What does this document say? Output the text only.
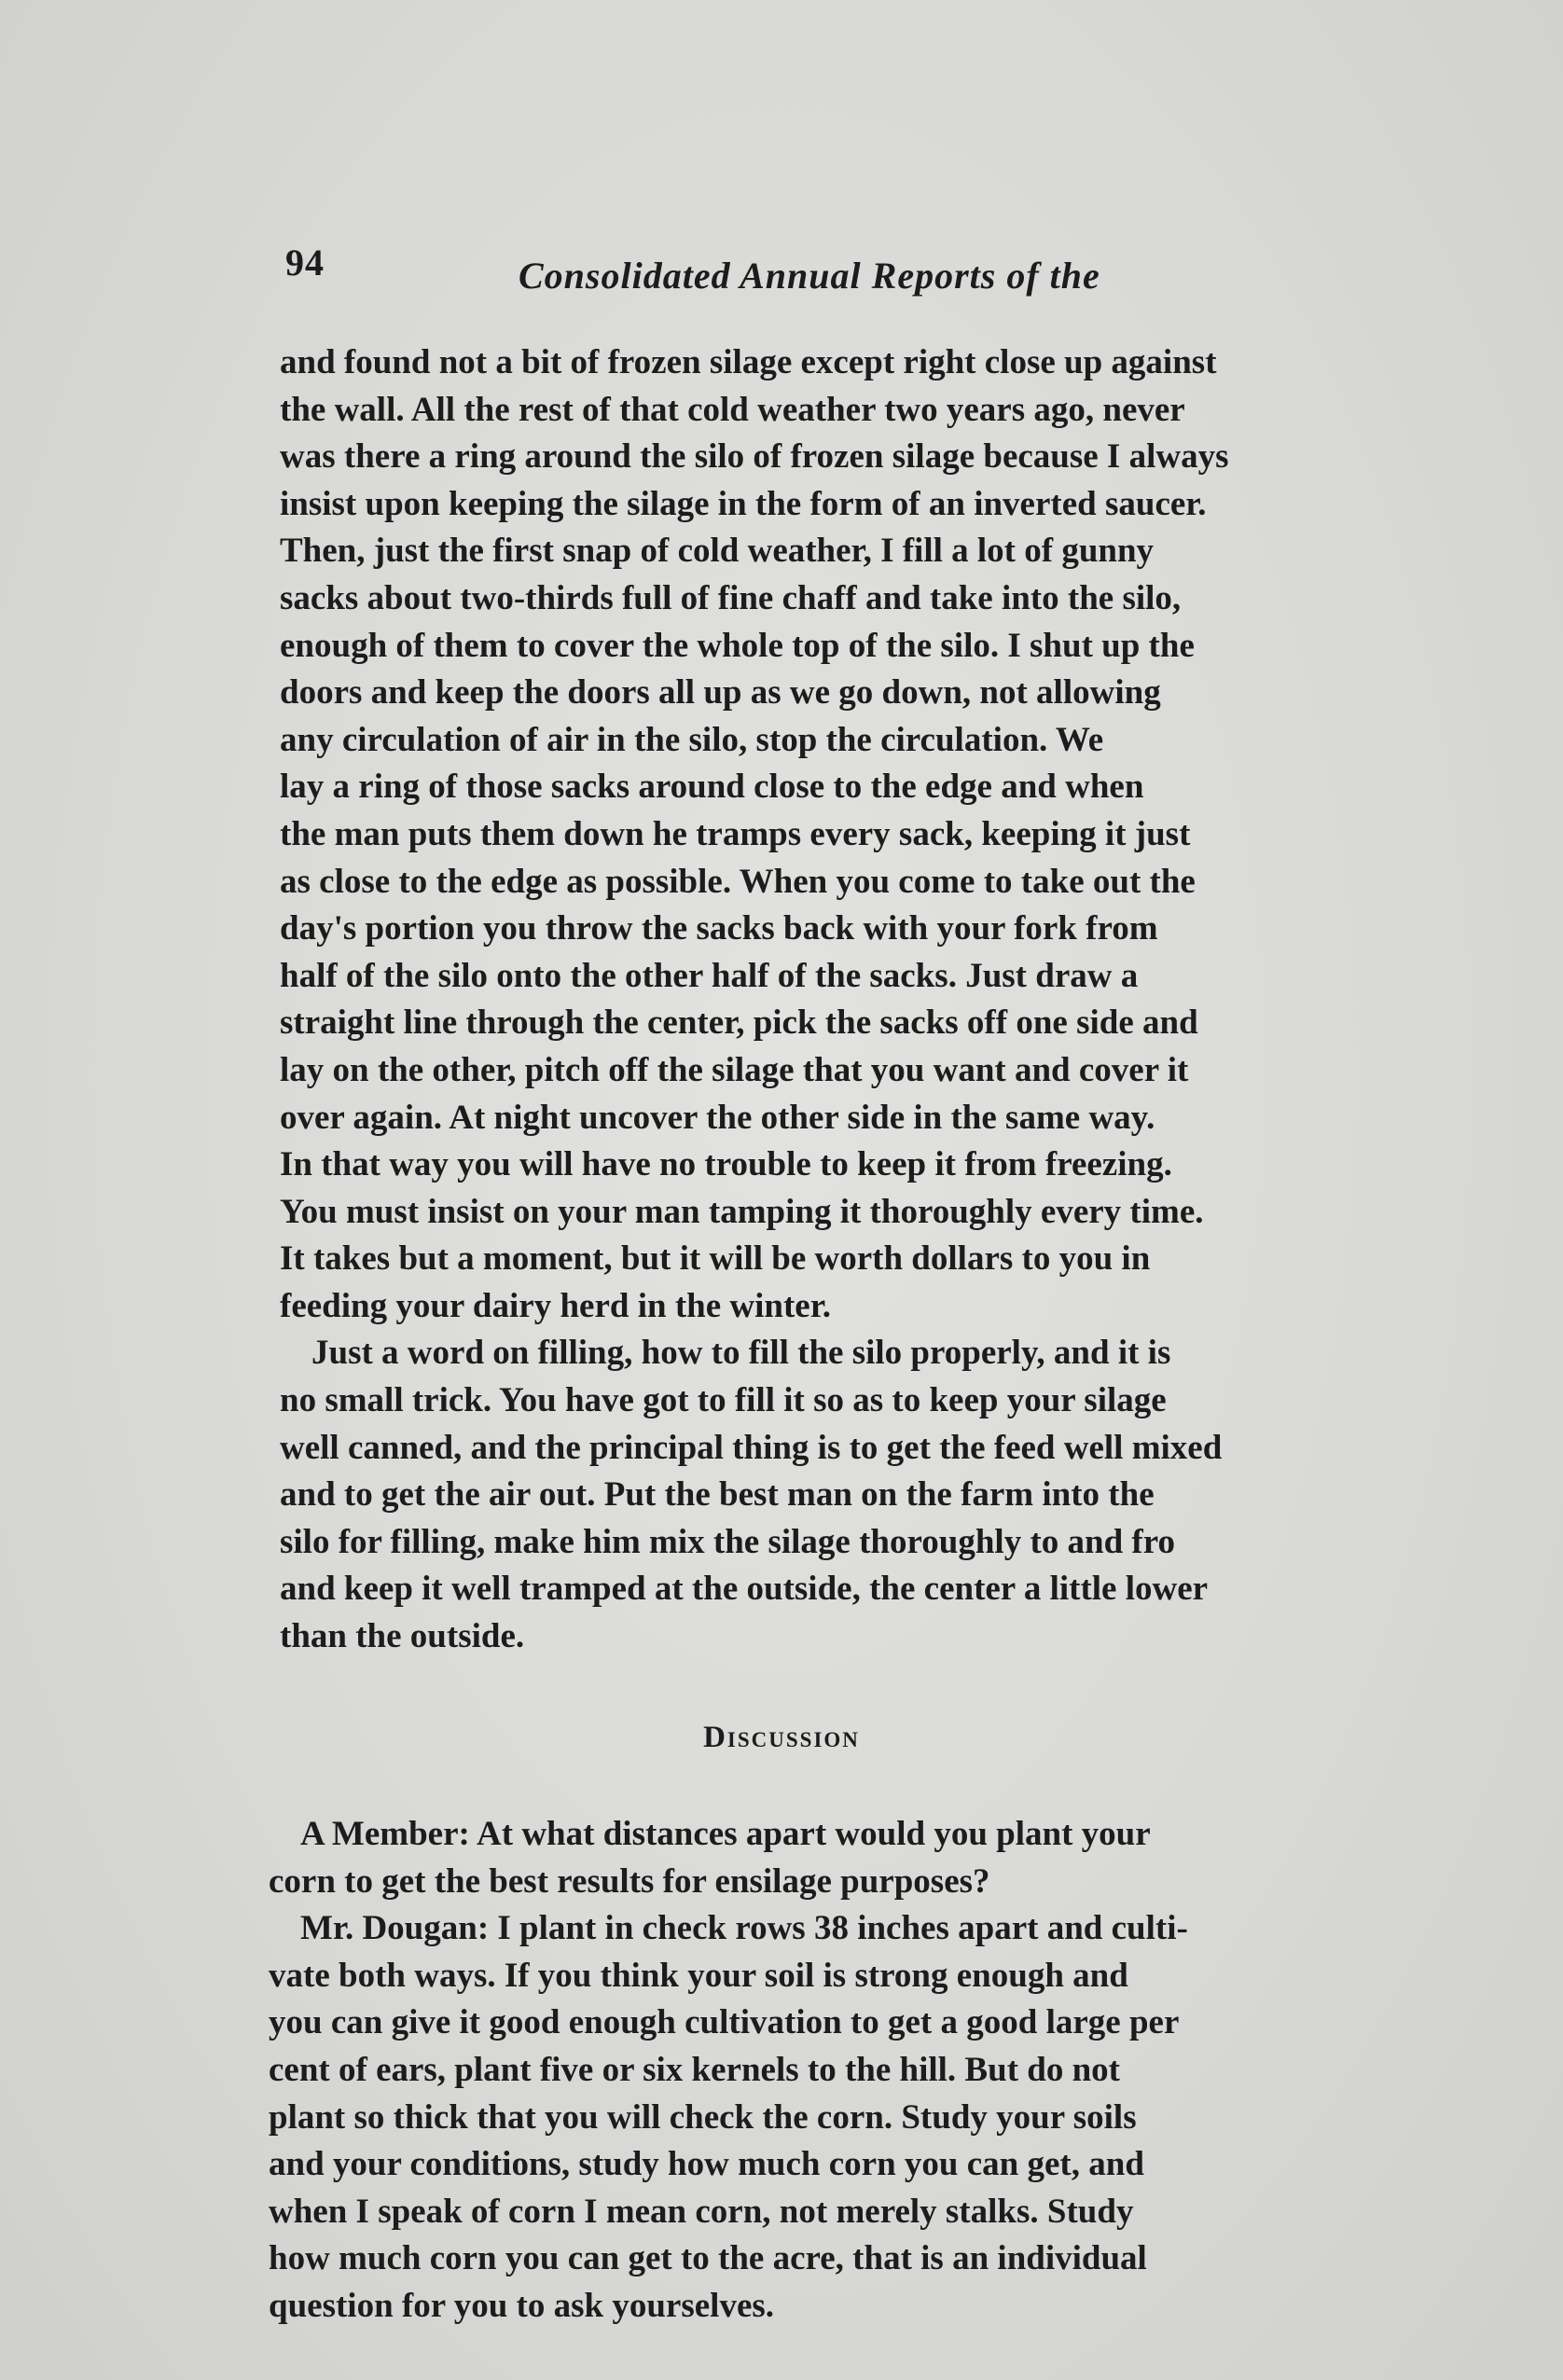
94	Consolidated Annual Reports of the

and found not a bit of frozen silage except right close up against
the wall. All the rest of that cold weather two years ago, never
was there a ring around the silo of frozen silage because I always
insist upon keeping the silage in the form of an inverted saucer.
Then, just the first snap of cold weather, I fill a lot of gunny
sacks about two-thirds full of fine chaff and take into the silo,
enough of them to cover the whole top of the silo. I shut up the
doors and keep the doors all up as we go down, not allowing
any circulation of air in the silo, stop the circulation. We
lay a ring of those sacks around close to the edge and when
the man puts them down he tramps every sack, keeping it just
as close to the edge as possible. When you come to take out the
day's portion you throw the sacks back with your fork from
half of the silo onto the other half of the sacks. Just draw a
straight line through the center, pick the sacks off one side and
lay on the other, pitch off the silage that you want and cover it
over again. At night uncover the other side in the same way.
In that way you will have no trouble to keep it from freezing.
You must insist on your man tamping it thoroughly every time.
It takes but a moment, but it will be worth dollars to you in
feeding your dairy herd in the winter.

Just a word on filling, how to fill the silo properly, and it is
no small trick. You have got to fill it so as to keep your silage
well canned, and the principal thing is to get the feed well mixed
and to get the air out. Put the best man on the farm into the
silo for filling, make him mix the silage thoroughly to and fro
and keep it well tramped at the outside, the center a little lower
than the outside.

Discussion

A Member: At what distances apart would you plant your
corn to get the best results for ensilage purposes?

Mr. Dougan: I plant in check rows 38 inches apart and culti-
vate both ways. If you think your soil is strong enough and
you can give it good enough cultivation to get a good large per
cent of ears, plant five or six kernels to the hill. But do not
plant so thick that you will check the corn. Study your soils
and your conditions, study how much corn you can get, and
when I speak of corn I mean corn, not merely stalks. Study
how much corn you can get to the acre, that is an individual
question for you to ask yourselves.
